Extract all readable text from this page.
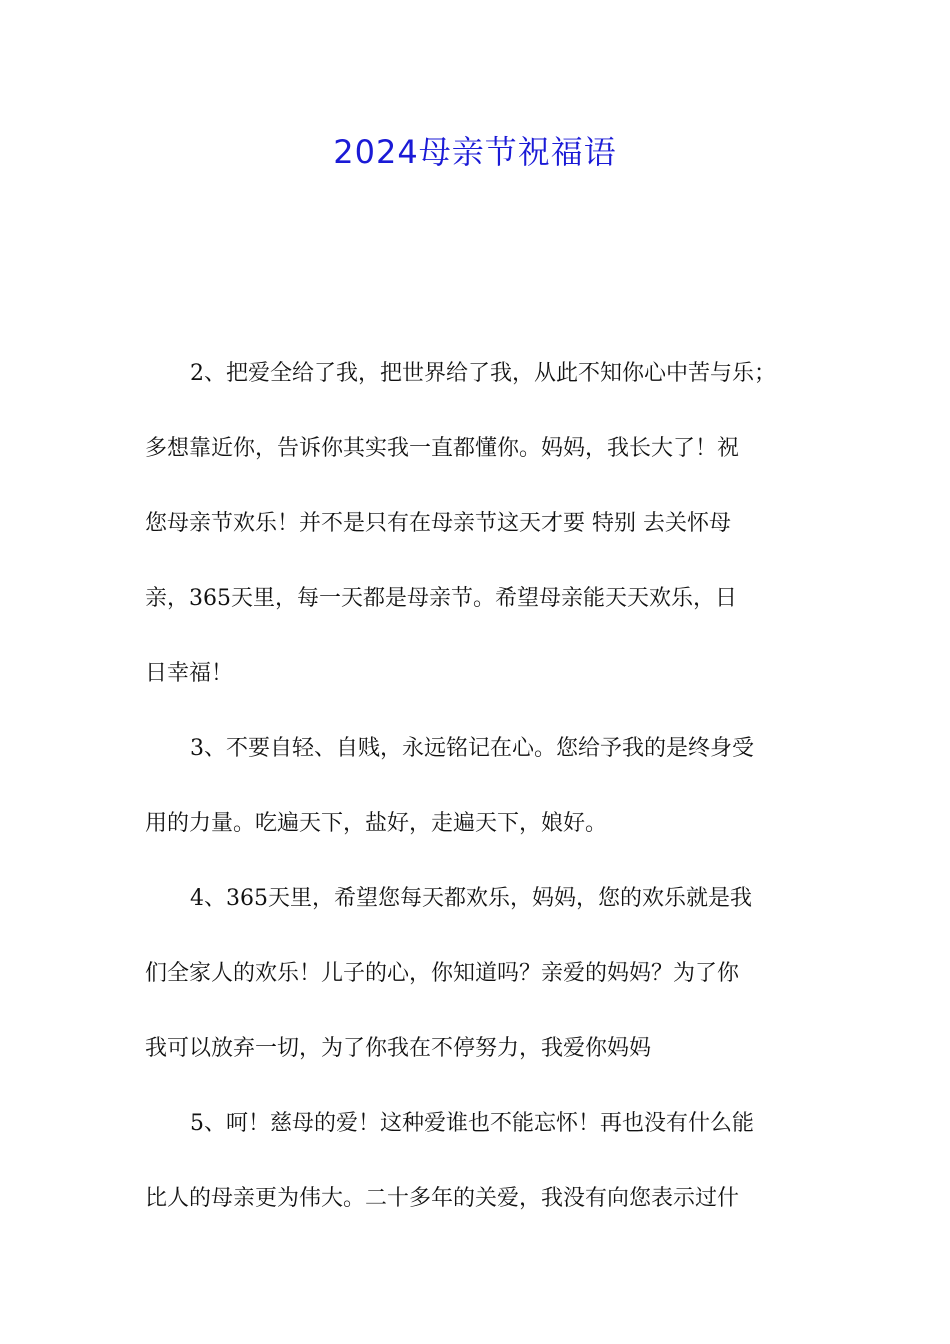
2024母亲节祝福语
2、把爱全给了我，把世界给了我，从此不知你心中苦与乐；
多想靠近你，告诉你其实我一直都懂你。妈妈，我长大了！祝
您母亲节欢乐！并不是只有在母亲节这天才要 特别 去关怀母
亲，365天里，每一天都是母亲节。希望母亲能天天欢乐，日
日幸福！
3、不要自轻、自贱，永远铭记在心。您给予我的是终身受
用的力量。吃遍天下，盐好，走遍天下，娘好。
4、365天里，希望您每天都欢乐，妈妈，您的欢乐就是我
们全家人的欢乐！儿子的心，你知道吗？亲爱的妈妈？为了你
我可以放弃一切，为了你我在不停努力，我爱你妈妈
5、呵！慈母的爱！这种爱谁也不能忘怀！再也没有什么能
比人的母亲更为伟大。二十多年的关爱，我没有向您表示过什
